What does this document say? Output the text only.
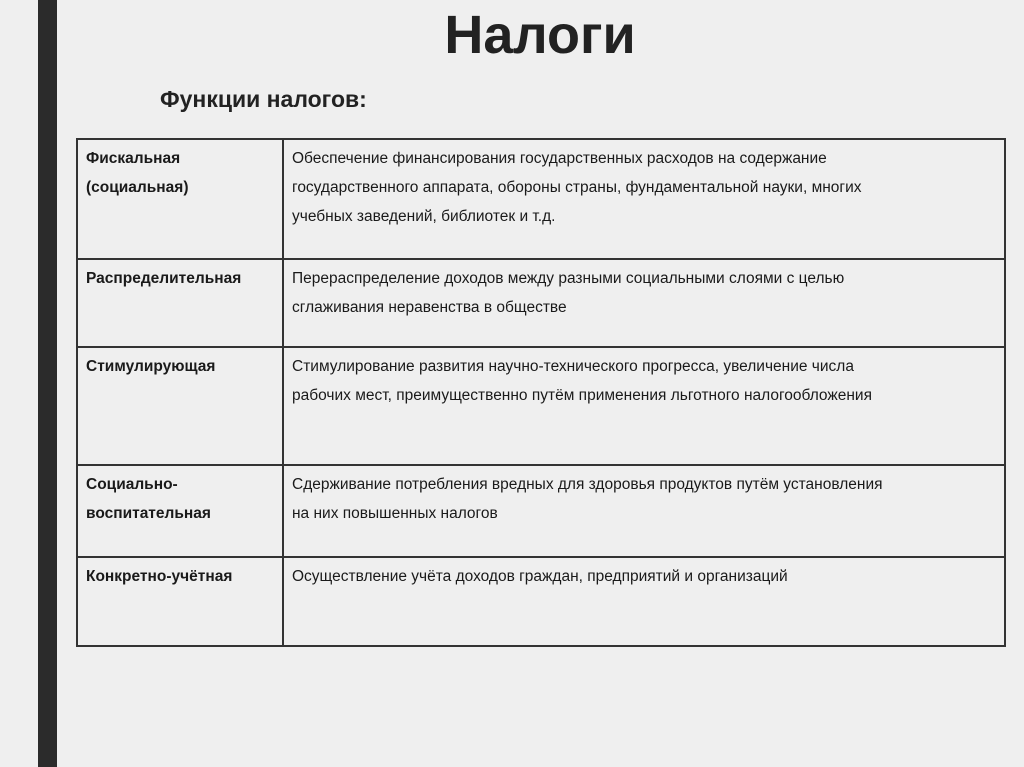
Налоги
Функции налогов:
Фискальная
(социальная)	Обеспечение финансирования государственных расходов на содержание
государственного аппарата, обороны страны, фундаментальной науки, многих
учебных заведений, библиотек и т.д.

Распределительная	Перераспределение доходов между разными социальными слоями с целью
сглаживания неравенства в обществе

Стимулирующая	Стимулирование развития научно-технического прогресса, увеличение числа
рабочих мест, преимущественно путём применения льготного налогообложения

Социально-
воспитательная	Сдерживание потребления вредных для здоровья продуктов путём установления
на них повышенных налогов

Конкретно-учётная	Осуществление учёта доходов граждан, предприятий и организаций
